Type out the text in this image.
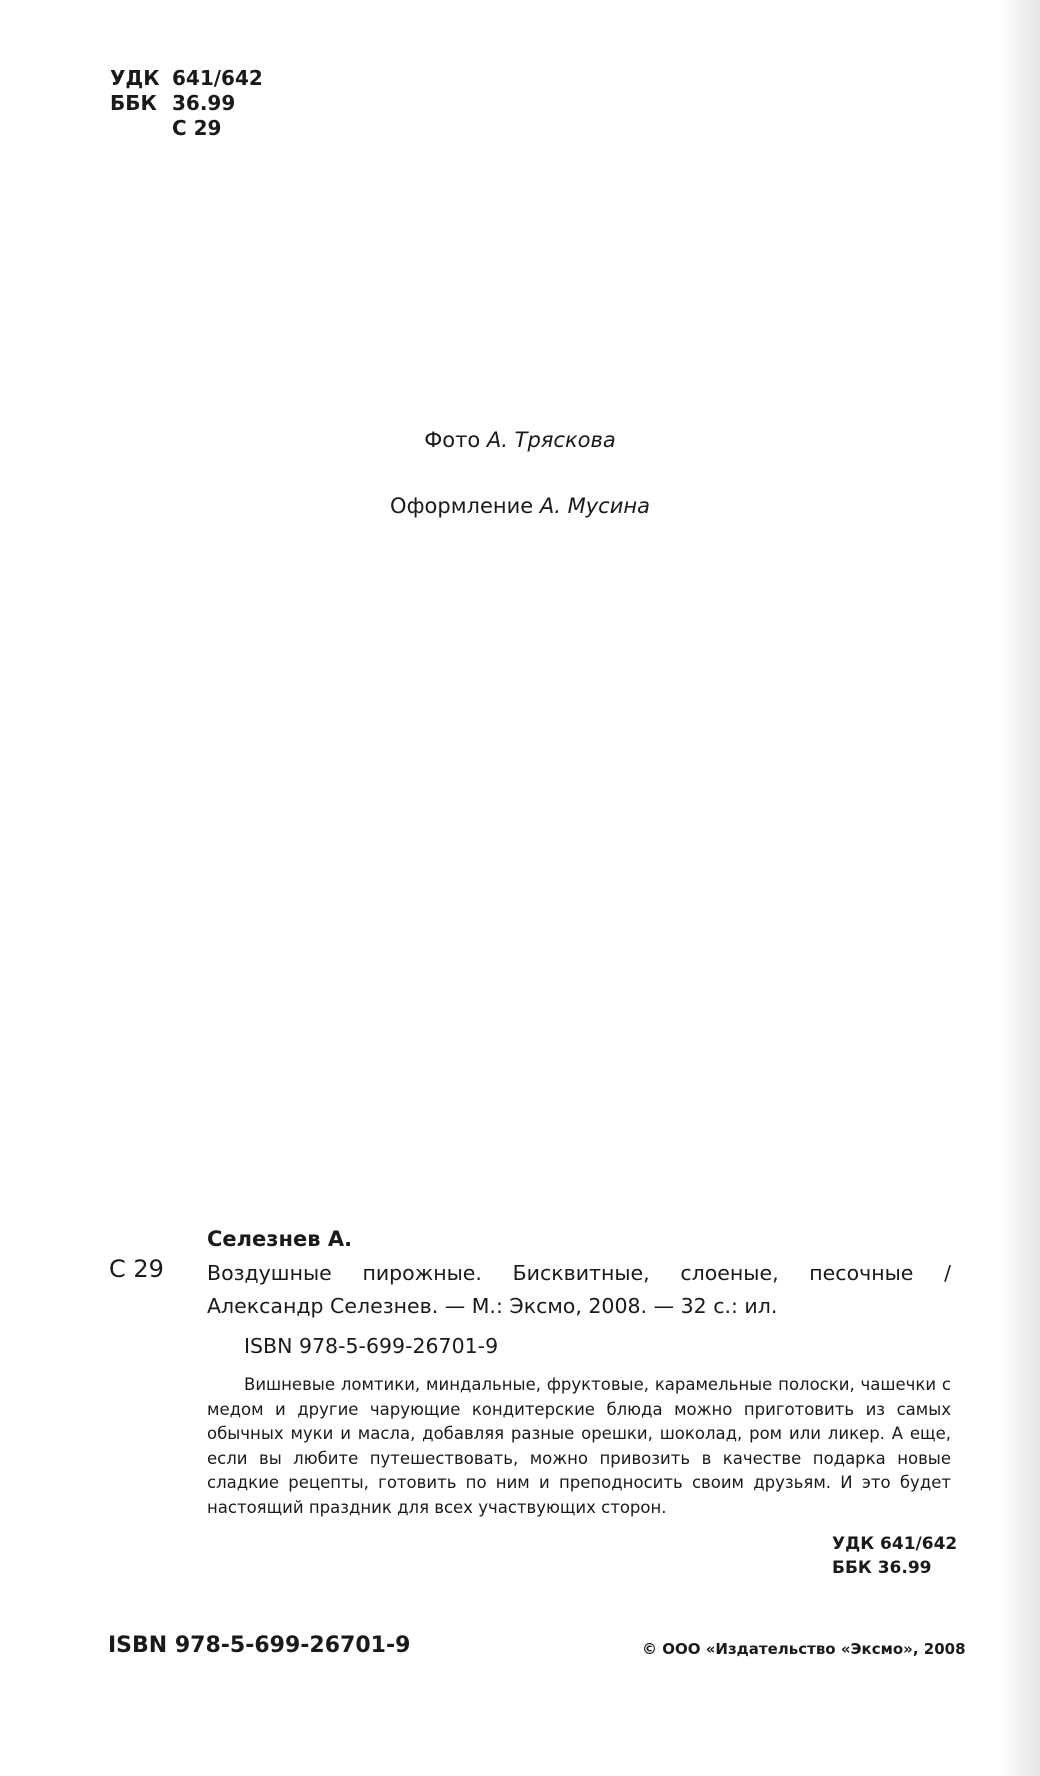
УДК 641/642
ББК 36.99
С 29
Фото А. Тряскова
Оформление А. Мусина
Селезнев А.
С 29 Воздушные пирожные. Бисквитные, слоеные, песочные / Александр Селезнев. — М.: Эксмо, 2008. — 32 с.: ил.
ISBN 978-5-699-26701-9
Вишневые ломтики, миндальные, фруктовые, карамельные полоски, чашечки с медом и другие чарующие кондитерские блюда можно приготовить из самых обычных муки и масла, добавляя разные орешки, шоколад, ром или ликер. А еще, если вы любите путешествовать, можно привозить в качестве подарка новые сладкие рецепты, готовить по ним и преподносить своим друзьям. И это будет настоящий праздник для всех участвующих сторон.
УДК 641/642
ББК 36.99
ISBN 978-5-699-26701-9	© ООО «Издательство «Эксмо», 2008
